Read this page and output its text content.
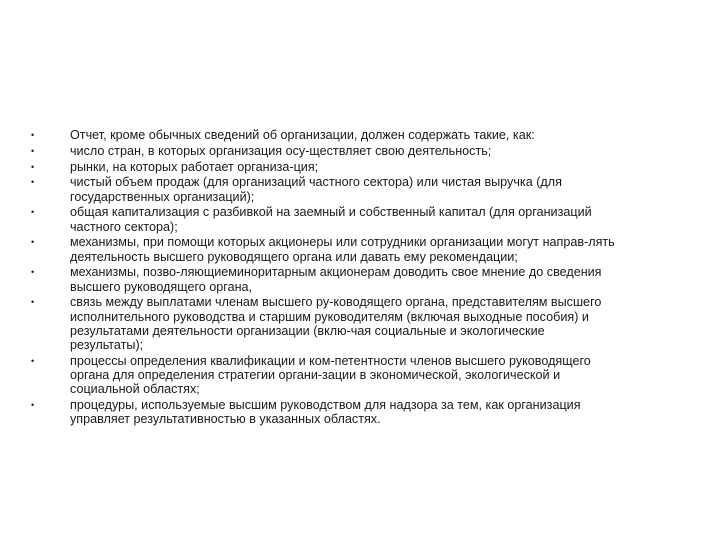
•	Отчет, кроме обычных сведений об организации, должен содержать такие, как:
•	число стран, в которых организация осу-ществляет свою деятельность;
•	рынки, на которых работает организа-ция;
•	чистый объем продаж (для организаций частного сектора) или чистая выручка (для
государственных организаций);
•	общая капитализация с разбивкой на заемный и собственный капитал (для организаций
частного сектора);
•	механизмы, при помощи которых акционеры или сотрудники организации могут направ-лять
деятельность высшего руководящего органа или давать ему рекомендации;
•	механизмы, позво-ляющиеминоритарным акционерам доводить свое мнение до сведения
высшего руководящего органа,
•	связь между выплатами членам высшего ру-ководящего органа, представителям высшего
исполнительного руководства и старшим руководителям (включая выходные пособия) и
результатами деятельности организации (вклю-чая социальные и экологические
результаты);
•	процессы определения квалификации и ком-петентности членов высшего руководящего
органа для определения стратегии органи-зации в экономической, экологической и
социальной областях;
•	процедуры, используемые высшим руководством для надзора за тем, как организация
управляет результативностью в указанных областях.
